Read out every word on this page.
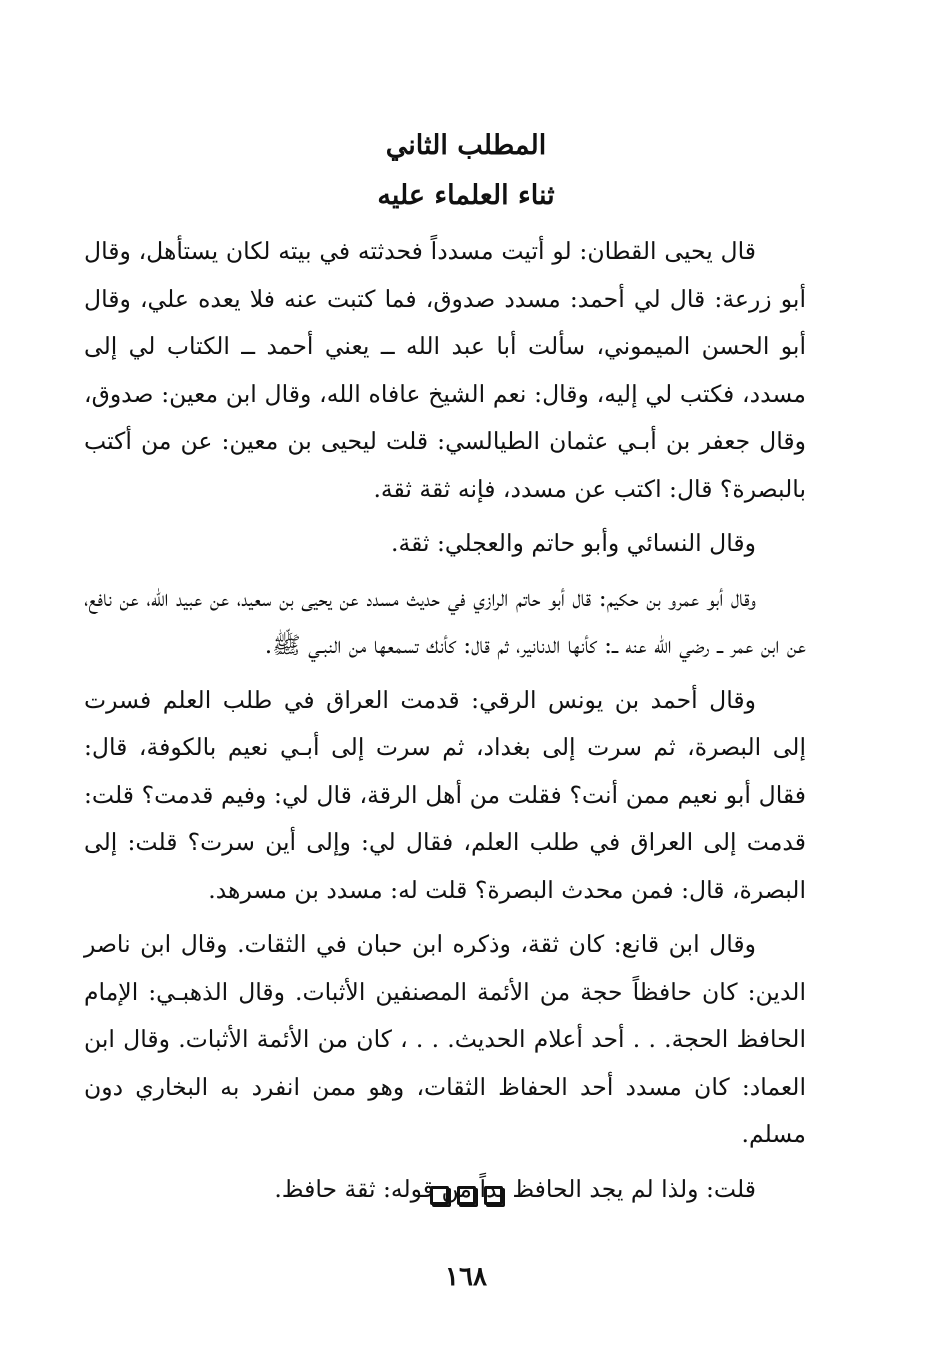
المطلب الثاني
ثناء العلماء عليه

قال يحيى القطان: لو أتيت مسدداً فحدثته في بيته لكان يستأهل، وقال أبو زرعة: قال لي أحمد: مسدد صدوق، فما كتبت عنه فلا يعده علي، وقال أبو الحسن الميموني، سألت أبا عبد الله ــ يعني أحمد ــ الكتاب لي إلى مسدد، فكتب لي إليه، وقال: نعم الشيخ عافاه الله، وقال ابن معين: صدوق، وقال جعفر بن أبـي عثمان الطيالسي: قلت ليحيى بن معين: عن من أكتب بالبصرة؟ قال: اكتب عن مسدد، فإنه ثقة ثقة.

وقال النسائي وأبو حاتم والعجلي: ثقة.

وقال أبو عمرو بن حكيم: قال أبو حاتم الرازي في حديث مسدد عن يحيى بن سعيد، عن عبيد الله، عن نافع، عن ابن عمر ــ رضي الله عنه ــ: كأنها الدنانير، ثم قال: كأنك تسمعها من النبـي ﷺ.

وقال أحمد بن يونس الرقي: قدمت العراق في طلب العلم فسرت إلى البصرة، ثم سرت إلى بغداد، ثم سرت إلى أبـي نعيم بالكوفة، قال: فقال أبو نعيم ممن أنت؟ فقلت من أهل الرقة، قال لي: وفيم قدمت؟ قلت: قدمت إلى العراق في طلب العلم، فقال لي: وإلى أين سرت؟ قلت: إلى البصرة، قال: فمن محدث البصرة؟ قلت له: مسدد بن مسرهد.

وقال ابن قانع: كان ثقة، وذكره ابن حبان في الثقات. وقال ابن ناصر الدين: كان حافظاً حجة من الأئمة المصنفين الأثبات. وقال الذهبـي: الإمام الحافظ الحجة. . . أحد أعلام الحديث. . . ، كان من الأئمة الأثبات. وقال ابن العماد: كان مسدد أحد الحفاظ الثقات، وهو ممن انفرد به البخاري دون مسلم.

قلت: ولذا لم يجد الحافظ بداً من قوله: ثقة حافظ.

١٦٨
